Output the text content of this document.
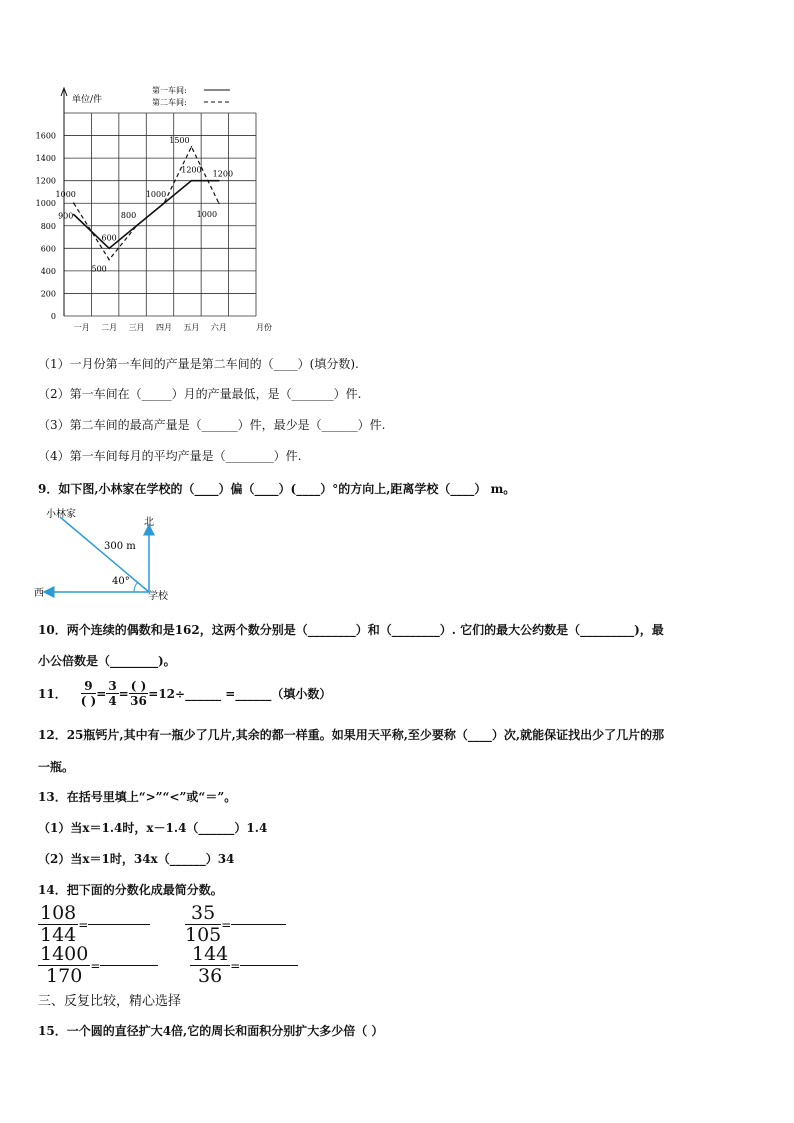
单位/件
0
200
400
600
800
1000
1200
1400
1600
一月 二月 三月 四月 五月 六月	月份
900
600
800
1000
1200 1200
1000
500
1500
1000
第一车间:
第二车间:
（1）一月份第一车间的产量是第二车间的（____）(填分数).
（2）第一车间在（_____）月的产量最低，是（_______）件.
（3）第二车间的最高产量是（______）件，最少是（______）件.
（4）第一车间每月的平均产量是（________）件.
9．如下图,小林家在学校的（____）偏（____）(____）°的方向上,距离学校（____） m。
北
西	学校
小林家
300 m
40°
10．两个连续的偶数和是162，这两个数分别是（________）和（________）. 它们的最大公约数是（_________)，最
小公倍数是（________)。
11． $\frac{9}{( )} = \frac{3}{4} = \frac{( )}{36}$ =12÷______ =______（填小数）
12．25瓶钙片,其中有一瓶少了几片,其余的都一样重。如果用天平称,至少要称（____）次,就能保证找出少了几片的那
一瓶。
13．在括号里填上“>”“<”或“＝”。
（1）当x＝1.4时，x－1.4（______）1.4
（2）当x＝1时，34x（______）34
14．把下面的分数化成最简分数。
$\frac{108}{144}$ =	$\frac{35}{105}$ =
$\frac{1400}{170}$ =	$\frac{144}{36}$ =
三、反复比较，精心选择
15．一个圆的直径扩大4倍,它的周长和面积分别扩大多少倍（ ）
